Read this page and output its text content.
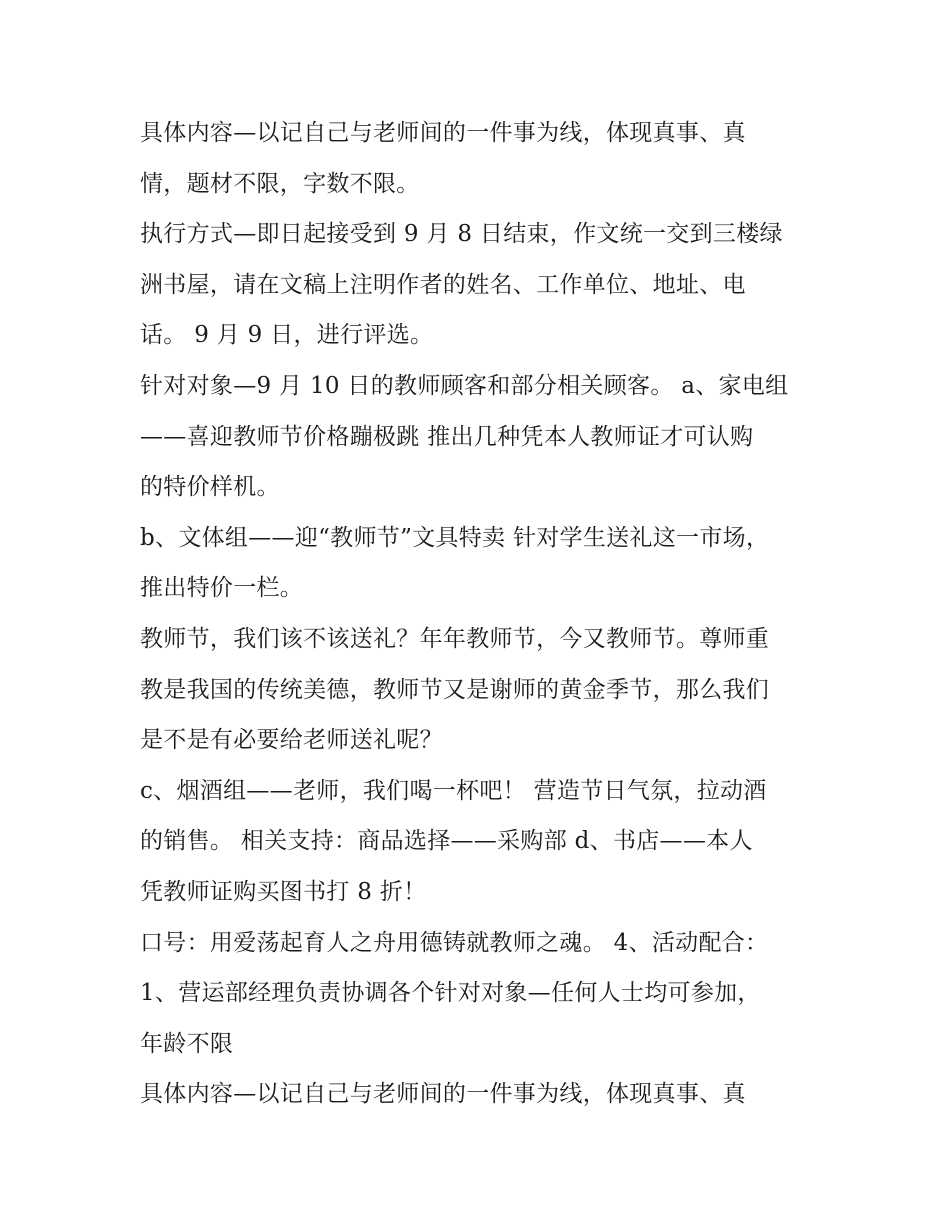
具体内容—以记自己与老师间的一件事为线，体现真事、真
情，题材不限，字数不限。
执行方式—即日起接受到 9 月 8 日结束，作文统一交到三楼绿
洲书屋，请在文稿上注明作者的姓名、工作单位、地址、电
话。 9 月 9 日，进行评选。
针对对象—9 月 10 日的教师顾客和部分相关顾客。 a、家电组
——喜迎教师节价格蹦极跳 推出几种凭本人教师证才可认购
的特价样机。
b、文体组——迎“教师节”文具特卖 针对学生送礼这一市场，
推出特价一栏。
教师节，我们该不该送礼？年年教师节，今又教师节。尊师重
教是我国的传统美德，教师节又是谢师的黄金季节，那么我们
是不是有必要给老师送礼呢？
c、烟酒组——老师，我们喝一杯吧！ 营造节日气氛，拉动酒
的销售。 相关支持：商品选择——采购部 d、书店——本人
凭教师证购买图书打 8 折！
口号：用爱荡起育人之舟用德铸就教师之魂。 4、活动配合：
1、营运部经理负责协调各个针对对象—任何人士均可参加，
年龄不限
具体内容—以记自己与老师间的一件事为线，体现真事、真
